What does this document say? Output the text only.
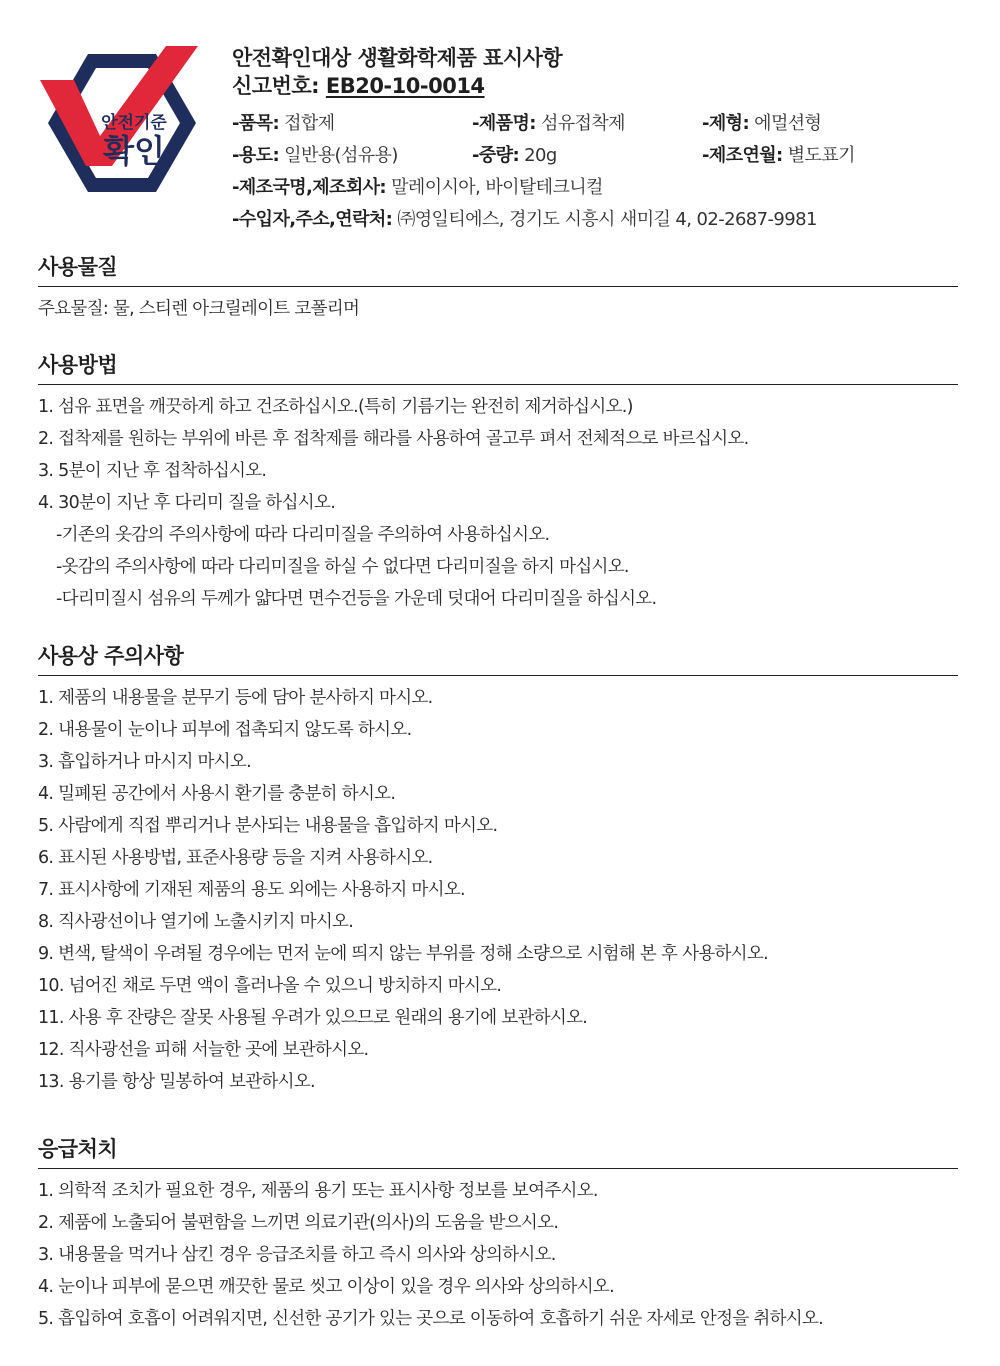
안전기준
확인
안전확인대상 생활화학제품 표시사항
신고번호: EB20-10-0014
-품목: 접합제	-제품명: 섬유접착제	-제형: 에멀션형
-용도: 일반용(섬유용)	-중량: 20g	-제조연월: 별도표기
-제조국명,제조회사: 말레이시아, 바이탈테크니컬
-수입자,주소,연락처: ㈜영일티에스, 경기도 시흥시 새미길 4, 02-2687-9981
사용물질
주요물질: 물, 스티렌 아크릴레이트 코폴리머
사용방법
1. 섬유 표면을 깨끗하게 하고 건조하십시오.(특히 기름기는 완전히 제거하십시오.)
2. 접착제를 원하는 부위에 바른 후 접착제를 해라를 사용하여 골고루 펴서 전체적으로 바르십시오.
3. 5분이 지난 후 접착하십시오.
4. 30분이 지난 후 다리미 질을 하십시오.
-기존의 옷감의 주의사항에 따라 다리미질을 주의하여 사용하십시오.
-옷감의 주의사항에 따라 다리미질을 하실 수 없다면 다리미질을 하지 마십시오.
-다리미질시 섬유의 두께가 얇다면 면수건등을 가운데 덧대어 다리미질을 하십시오.
사용상 주의사항
1. 제품의 내용물을 분무기 등에 담아 분사하지 마시오.
2. 내용물이 눈이나 피부에 접촉되지 않도록 하시오.
3. 흡입하거나 마시지 마시오.
4. 밀폐된 공간에서 사용시 환기를 충분히 하시오.
5. 사람에게 직접 뿌리거나 분사되는 내용물을 흡입하지 마시오.
6. 표시된 사용방법, 표준사용량 등을 지켜 사용하시오.
7. 표시사항에 기재된 제품의 용도 외에는 사용하지 마시오.
8. 직사광선이나 열기에 노출시키지 마시오.
9. 변색, 탈색이 우려될 경우에는 먼저 눈에 띄지 않는 부위를 정해 소량으로 시험해 본 후 사용하시오.
10. 넘어진 채로 두면 액이 흘러나올 수 있으니 방치하지 마시오.
11. 사용 후 잔량은 잘못 사용될 우려가 있으므로 원래의 용기에 보관하시오.
12. 직사광선을 피해 서늘한 곳에 보관하시오.
13. 용기를 항상 밀봉하여 보관하시오.
응급처치
1. 의학적 조치가 필요한 경우, 제품의 용기 또는 표시사항 정보를 보여주시오.
2. 제품에 노출되어 불편함을 느끼면 의료기관(의사)의 도움을 받으시오.
3. 내용물을 먹거나 삼킨 경우 응급조치를 하고 즉시 의사와 상의하시오.
4. 눈이나 피부에 묻으면 깨끗한 물로 씻고 이상이 있을 경우 의사와 상의하시오.
5. 흡입하여 호흡이 어려워지면, 신선한 공기가 있는 곳으로 이동하여 호흡하기 쉬운 자세로 안정을 취하시오.
